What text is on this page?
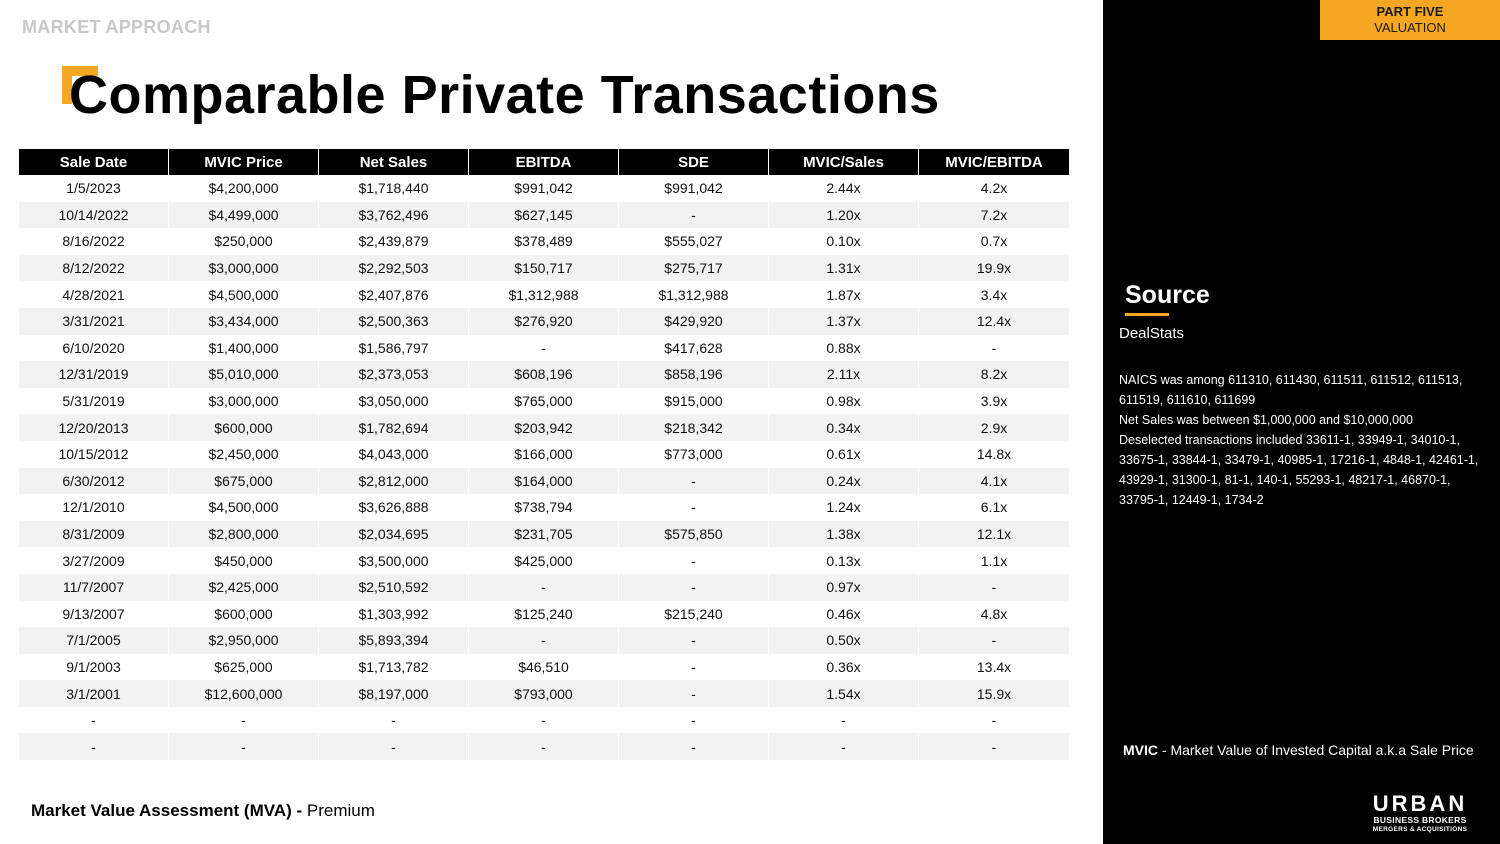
MARKET APPROACH
Comparable Private Transactions
Sale Date	MVIC Price	Net Sales	EBITDA	SDE	MVIC/Sales	MVIC/EBITDA
1/5/2023	$4,200,000	$1,718,440	$991,042	$991,042	2.44x	4.2x
10/14/2022	$4,499,000	$3,762,496	$627,145	-	1.20x	7.2x
8/16/2022	$250,000	$2,439,879	$378,489	$555,027	0.10x	0.7x
8/12/2022	$3,000,000	$2,292,503	$150,717	$275,717	1.31x	19.9x
4/28/2021	$4,500,000	$2,407,876	$1,312,988	$1,312,988	1.87x	3.4x
3/31/2021	$3,434,000	$2,500,363	$276,920	$429,920	1.37x	12.4x
6/10/2020	$1,400,000	$1,586,797	-	$417,628	0.88x	-
12/31/2019	$5,010,000	$2,373,053	$608,196	$858,196	2.11x	8.2x
5/31/2019	$3,000,000	$3,050,000	$765,000	$915,000	0.98x	3.9x
12/20/2013	$600,000	$1,782,694	$203,942	$218,342	0.34x	2.9x
10/15/2012	$2,450,000	$4,043,000	$166,000	$773,000	0.61x	14.8x
6/30/2012	$675,000	$2,812,000	$164,000	-	0.24x	4.1x
12/1/2010	$4,500,000	$3,626,888	$738,794	-	1.24x	6.1x
8/31/2009	$2,800,000	$2,034,695	$231,705	$575,850	1.38x	12.1x
3/27/2009	$450,000	$3,500,000	$425,000	-	0.13x	1.1x
11/7/2007	$2,425,000	$2,510,592	-	-	0.97x	-
9/13/2007	$600,000	$1,303,992	$125,240	$215,240	0.46x	4.8x
7/1/2005	$2,950,000	$5,893,394	-	-	0.50x	-
9/1/2003	$625,000	$1,713,782	$46,510	-	0.36x	13.4x
3/1/2001	$12,600,000	$8,197,000	$793,000	-	1.54x	15.9x
-	-	-	-	-	-	-
-	-	-	-	-	-	-
Market Value Assessment (MVA) - Premium
PART FIVE
VALUATION
Source
DealStats
NAICS was among 611310, 611430, 611511, 611512, 611513, 611519, 611610, 611699
Net Sales was between $1,000,000 and $10,000,000
Deselected transactions included 33611-1, 33949-1, 34010-1, 33675-1, 33844-1, 33479-1, 40985-1, 17216-1, 4848-1, 42461-1, 43929-1, 31300-1, 81-1, 140-1, 55293-1, 48217-1, 46870-1, 33795-1, 12449-1, 1734-2
MVIC - Market Value of Invested Capital a.k.a Sale Price
URBAN
BUSINESS BROKERS
MERGERS & ACQUISITIONS
